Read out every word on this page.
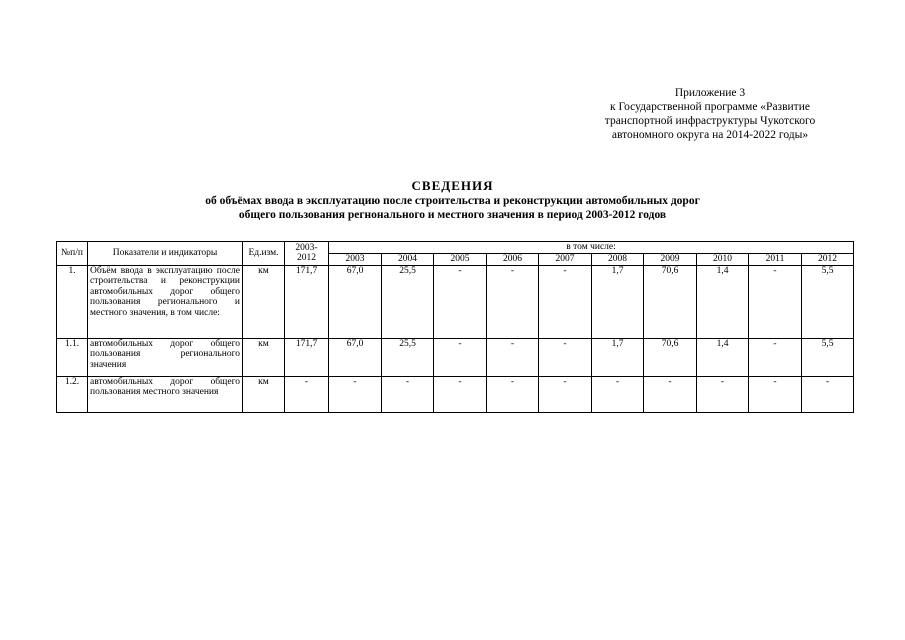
Приложение 3
к Государственной программе «Развитие
транспортной инфраструктуры Чукотского
автономного округа на 2014-2022 годы»
СВЕДЕНИЯ
об объёмах ввода в эксплуатацию после строительства и реконструкции автомобильных дорог
общего пользования регнонального и местного значения в период 2003-2012 годов
№п/п	Показатели и индикаторы	Ед.изм.	2003-2012	в том числе:									
				2003	2004	2005	2006	2007	2008	2009	2010	2011	2012
1.	Объём ввода в эксплуатацию после строительства и реконструкции автомобильных дорог общего пользования регионального и местного значения, в том числе:	км	171,7	67,0	25,5	-	-	-	1,7	70,6	1,4	-	5,5
1.1.	автомобильных дорог общего пользования регионального значения	км	171,7	67,0	25,5	-	-	-	1,7	70,6	1,4	-	5,5
1.2.	автомобильных дорог общего пользования местного значения	км	-	-	-	-	-	-	-	-	-	-	-
